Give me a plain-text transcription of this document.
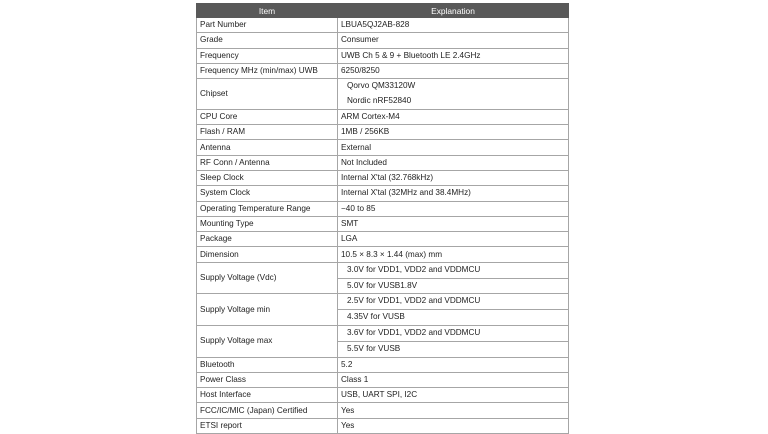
Item	Explanation
Part Number	LBUA5QJ2AB-828
Grade	Consumer
Frequency	UWB Ch 5 & 9 + Bluetooth LE 2.4GHz
Frequency MHz (min/max) UWB	6250/8250
Chipset	Qorvo QM33120W
Nordic nRF52840

CPU Core	ARM Cortex-M4
Flash / RAM	1MB / 256KB
Antenna	External
RF Conn / Antenna	Not Included
Sleep Clock	Internal X'tal (32.768kHz)
System Clock	Internal X'tal (32MHz and 38.4MHz)
Operating Temperature Range	−40 to 85
Mounting Type	SMT
Package	LGA
Dimension	10.5 × 8.3 × 1.44 (max) mm
Supply Voltage (Vdc)	3.0V for VDD1, VDD2 and VDDMCU
5.0V for VUSB1.8V

Supply Voltage min	2.5V for VDD1, VDD2 and VDDMCU
4.35V for VUSB

Supply Voltage max	3.6V for VDD1, VDD2 and VDDMCU
5.5V for VUSB

Bluetooth	5.2
Power Class	Class 1
Host Interface	USB, UART SPI, I2C
FCC/IC/MIC (Japan) Certified	Yes
ETSI report	Yes
